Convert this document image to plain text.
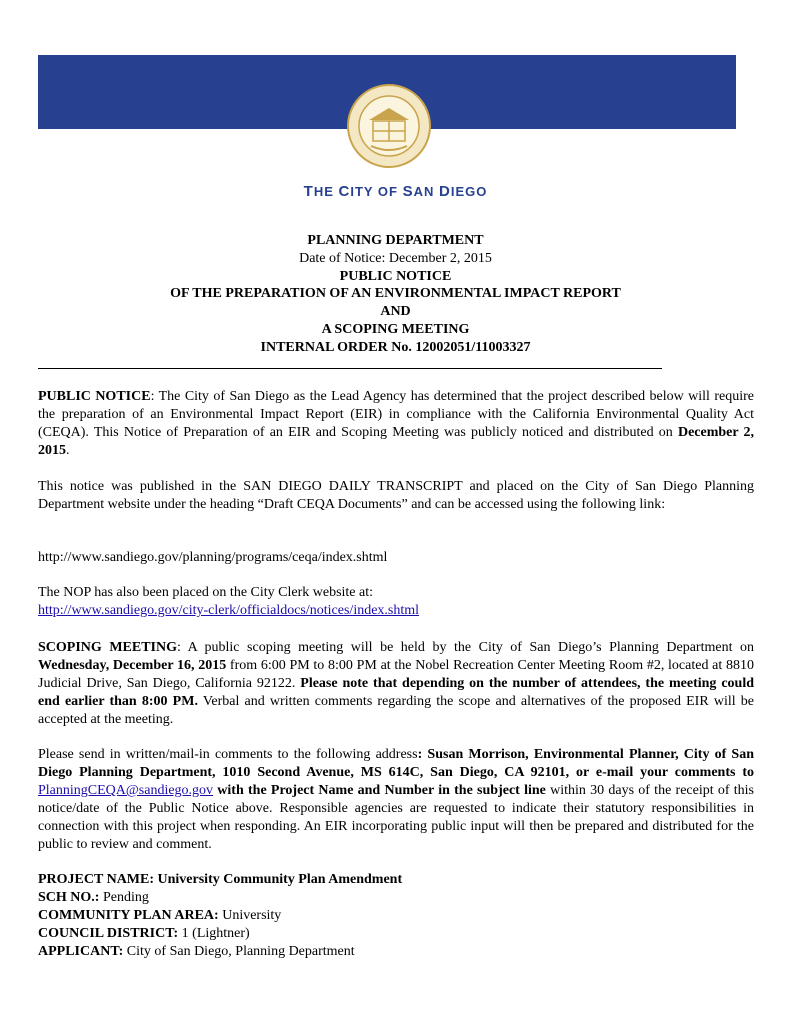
THE CITY OF SAN DIEGO
PLANNING DEPARTMENT
Date of Notice: December 2, 2015
PUBLIC NOTICE
OF THE PREPARATION OF AN ENVIRONMENTAL IMPACT REPORT
AND
A SCOPING MEETING
INTERNAL ORDER No. 12002051/11003327

PUBLIC NOTICE: The City of San Diego as the Lead Agency has determined that the project described below will require the preparation of an Environmental Impact Report (EIR) in compliance with the California Environmental Quality Act (CEQA). This Notice of Preparation of an EIR and Scoping Meeting was publicly noticed and distributed on December 2, 2015.

This notice was published in the SAN DIEGO DAILY TRANSCRIPT and placed on the City of San Diego Planning Department website under the heading “Draft CEQA Documents” and can be accessed using the following link:

http://www.sandiego.gov/planning/programs/ceqa/index.shtml

The NOP has also been placed on the City Clerk website at:

http://www.sandiego.gov/city-clerk/officialdocs/notices/index.shtml

SCOPING MEETING: A public scoping meeting will be held by the City of San Diego’s Planning Department on Wednesday, December 16, 2015 from 6:00 PM to 8:00 PM at the Nobel Recreation Center Meeting Room #2, located at 8810 Judicial Drive, San Diego, California 92122. Please note that depending on the number of attendees, the meeting could end earlier than 8:00 PM. Verbal and written comments regarding the scope and alternatives of the proposed EIR will be accepted at the meeting.

Please send in written/mail-in comments to the following address: Susan Morrison, Environmental Planner, City of San Diego Planning Department, 1010 Second Avenue, MS 614C, San Diego, CA 92101, or e-mail your comments to PlanningCEQA@sandiego.gov with the Project Name and Number in the subject line within 30 days of the receipt of this notice/date of the Public Notice above. Responsible agencies are requested to indicate their statutory responsibilities in connection with this project when responding. An EIR incorporating public input will then be prepared and distributed for the public to review and comment.

PROJECT NAME: University Community Plan Amendment

SCH NO.: Pending

COMMUNITY PLAN AREA: University

COUNCIL DISTRICT: 1 (Lightner)

APPLICANT: City of San Diego, Planning Department
